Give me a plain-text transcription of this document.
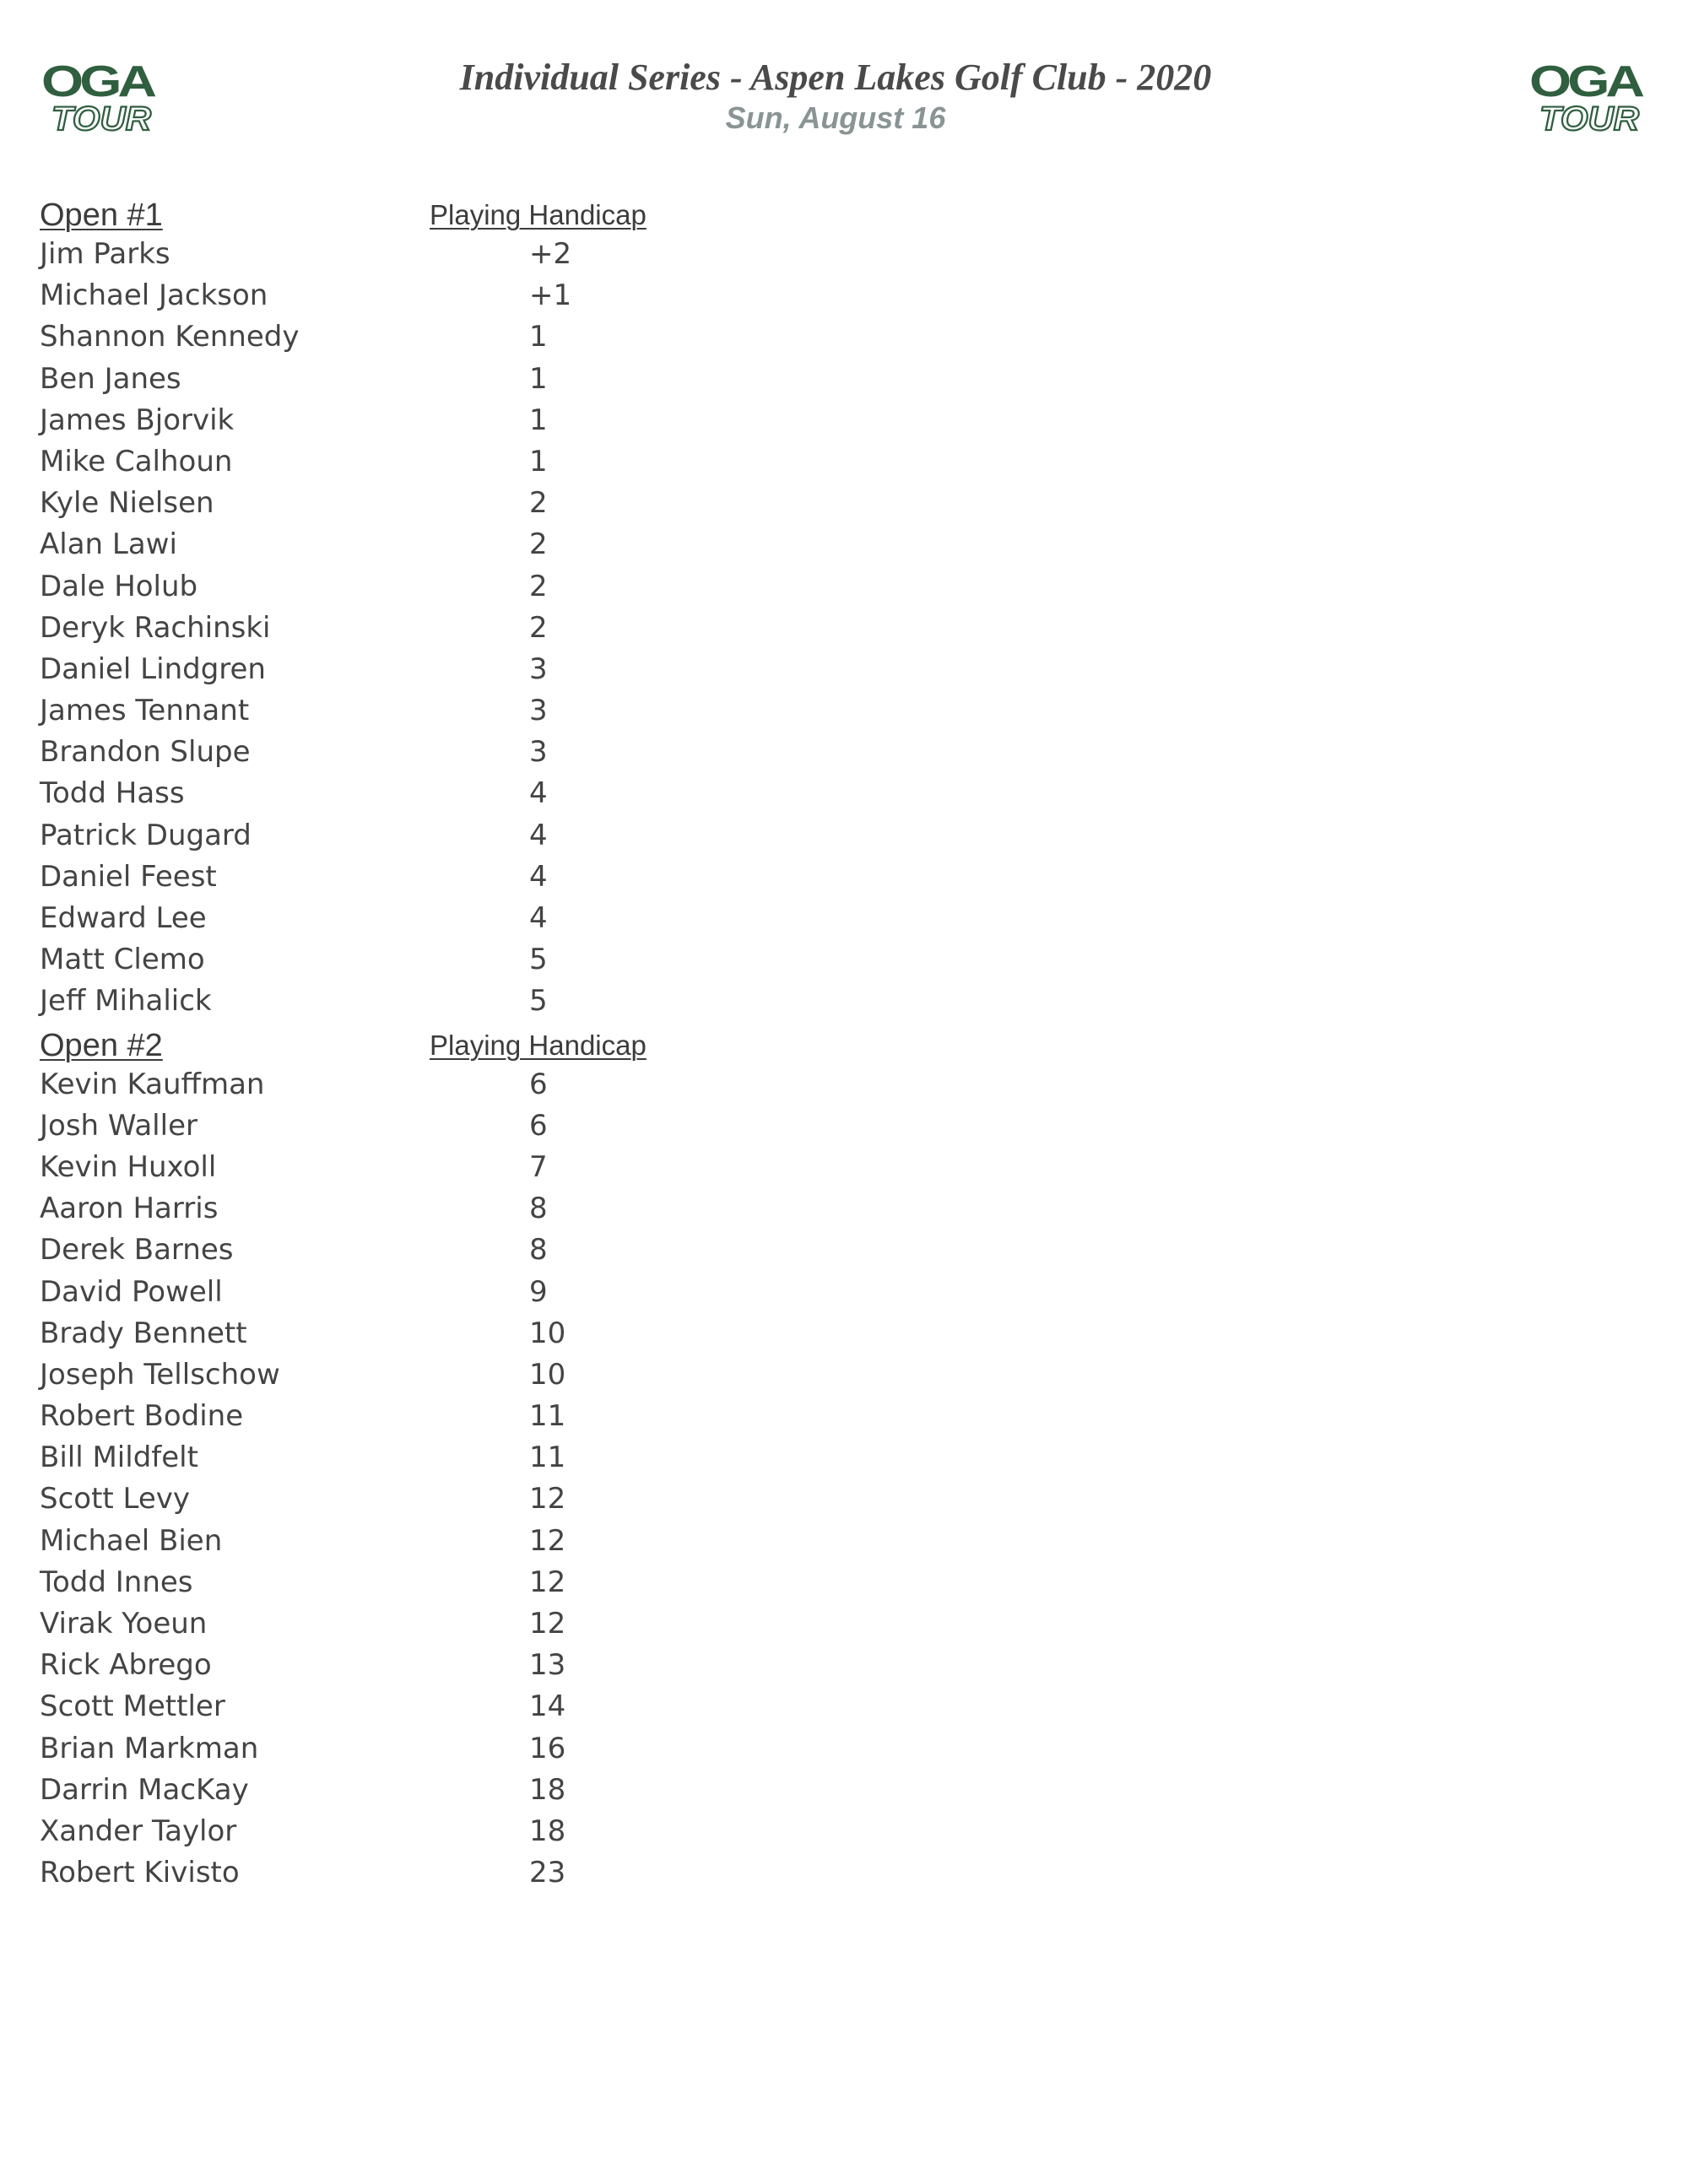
OGA
TOUR
OGA
TOUR
Individual Series - Aspen Lakes Golf Club - 2020
Sun, August 16
Open #1	Playing Handicap
Jim Parks	+2
Michael Jackson	+1
Shannon Kennedy	1
Ben Janes	1
James Bjorvik	1
Mike Calhoun	1
Kyle Nielsen	2
Alan Lawi	2
Dale Holub	2
Deryk Rachinski	2
Daniel Lindgren	3
James Tennant	3
Brandon Slupe	3
Todd Hass	4
Patrick Dugard	4
Daniel Feest	4
Edward Lee	4
Matt Clemo	5
Jeff Mihalick	5
Open #2	Playing Handicap
Kevin Kauffman	6
Josh Waller	6
Kevin Huxoll	7
Aaron Harris	8
Derek Barnes	8
David Powell	9
Brady Bennett	10
Joseph Tellschow	10
Robert Bodine	11
Bill Mildfelt	11
Scott Levy	12
Michael Bien	12
Todd Innes	12
Virak Yoeun	12
Rick Abrego	13
Scott Mettler	14
Brian Markman	16
Darrin MacKay	18
Xander Taylor	18
Robert Kivisto	23
